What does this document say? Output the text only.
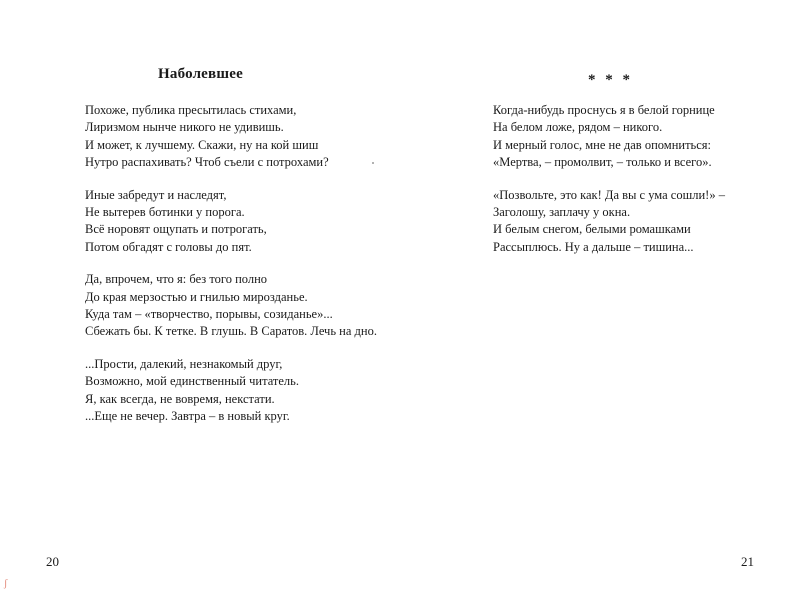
Наболевшее

Похоже, публика пресытилась стихами,
Лиризмом нынче никого не удивишь.
И может, к лучшему. Скажи, ну на кой шиш
Нутро распахивать? Чтоб съели с потрохами?

Иные забредут и наследят,
Не вытерев ботинки у порога.
Всё норовят ощупать и потрогать,
Потом обгадят с головы до пят.

Да, впрочем, что я: без того полно
До края мерзостью и гнилью мирозданье.
Куда там – «творчество, порывы, созиданье»...
Сбежать бы. К тетке. В глушь. В Саратов. Лечь на дно.

...Прости, далекий, незнакомый друг,
Возможно, мой единственный читатель.
Я, как всегда, не вовремя, некстати.
...Еще не вечер. Завтра – в новый круг.

20
ʃ
* * *

Когда-нибудь проснусь я в белой горнице
На белом ложе, рядом – никого.
И мерный голос, мне не дав опомниться:
«Мертва, – промолвит, – только и всего».

«Позвольте, это как! Да вы с ума сошли!» –
Заголошу, заплачу у окна.
И белым снегом, белыми ромашками
Рассыплюсь. Ну а дальше – тишина...

21
